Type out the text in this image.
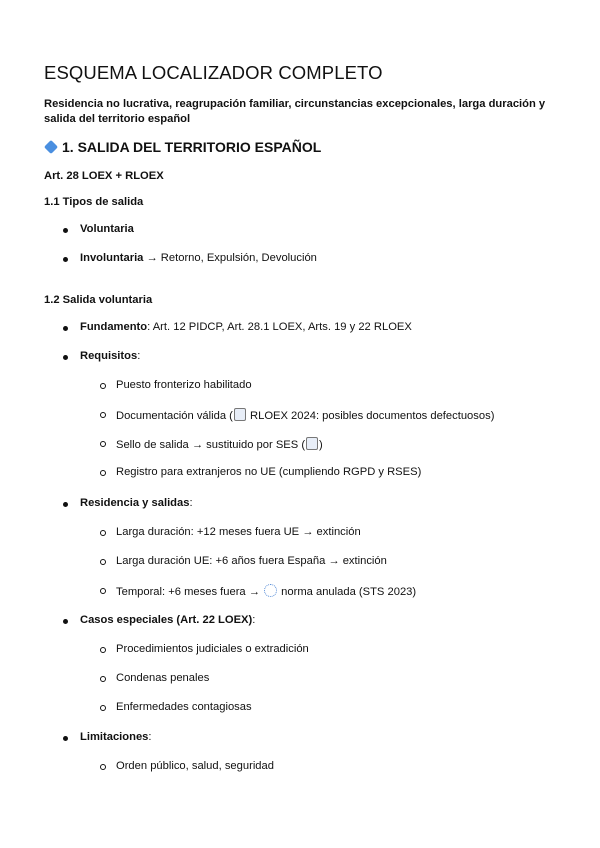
ESQUEMA LOCALIZADOR COMPLETO

Residencia no lucrativa, reagrupación familiar, circunstancias excepcionales, larga duración y salida del territorio español

1. SALIDA DEL TERRITORIO ESPAÑOL
Art. 28 LOEX + RLOEX
1.1 Tipos de salida
Voluntaria
Involuntaria → Retorno, Expulsión, Devolución
1.2 Salida voluntaria
Fundamento: Art. 12 PIDCP, Art. 28.1 LOEX, Arts. 19 y 22 RLOEX
Requisitos:
Puesto fronterizo habilitado
Documentación válida ( RLOEX 2024: posibles documentos defectuosos)
Sello de salida → sustituido por SES ( )
Registro para extranjeros no UE (cumpliendo RGPD y RSES)
Residencia y salidas:
Larga duración: +12 meses fuera UE → extinción
Larga duración UE: +6 años fuera España → extinción
Temporal: +6 meses fuera →  norma anulada (STS 2023)
Casos especiales (Art. 22 LOEX):
Procedimientos judiciales o extradición
Condenas penales
Enfermedades contagiosas
Limitaciones:
Orden público, salud, seguridad
